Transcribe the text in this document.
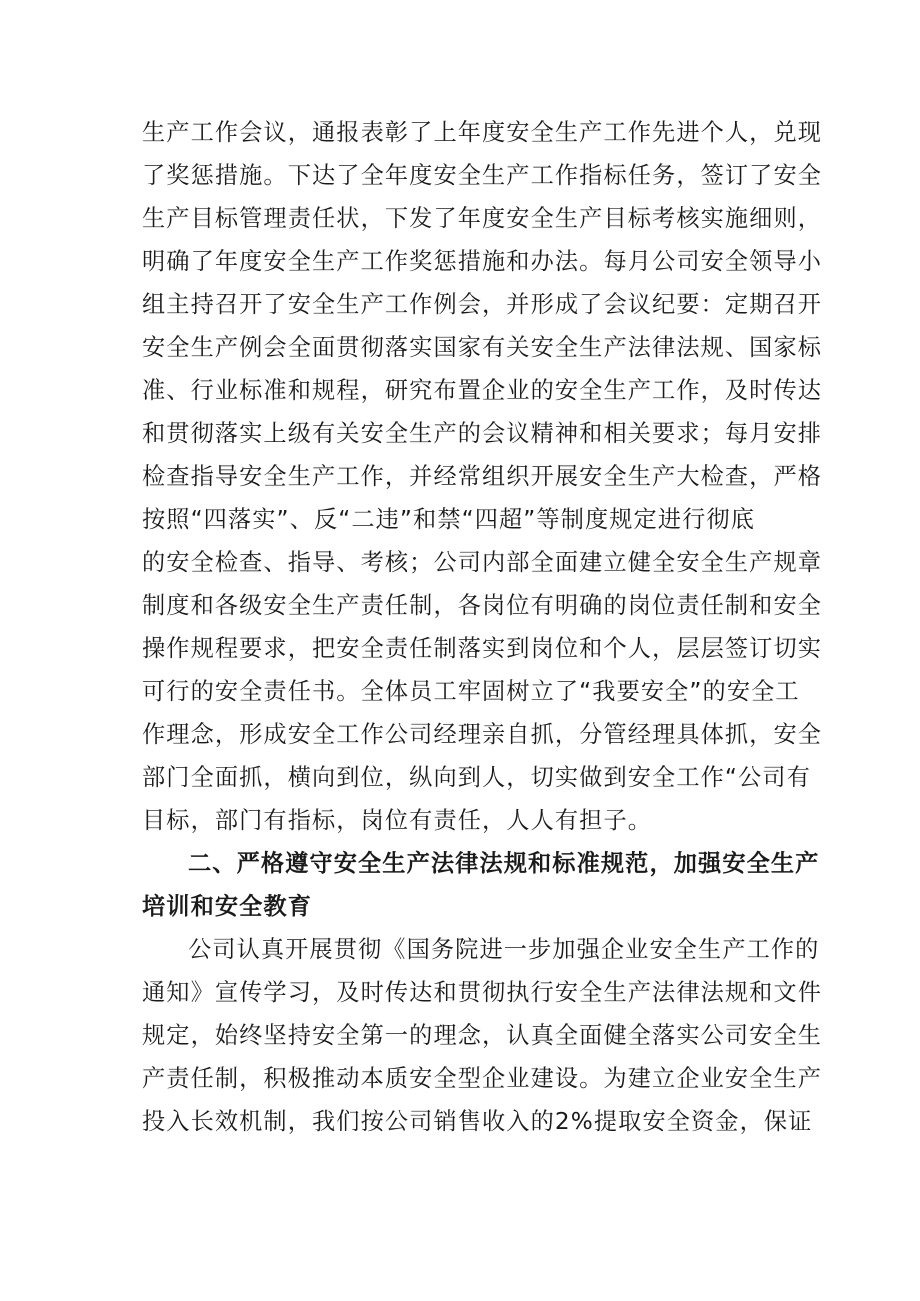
生产工作会议，通报表彰了上年度安全生产工作先进个人，兑现
了奖惩措施。下达了全年度安全生产工作指标任务，签订了安全
生产目标管理责任状，下发了年度安全生产目标考核实施细则，
明确了年度安全生产工作奖惩措施和办法。每月公司安全领导小
组主持召开了安全生产工作例会，并形成了会议纪要：定期召开
安全生产例会全面贯彻落实国家有关安全生产法律法规、国家标
准、行业标准和规程，研究布置企业的安全生产工作，及时传达
和贯彻落实上级有关安全生产的会议精神和相关要求；每月安排
检查指导安全生产工作，并经常组织开展安全生产大检查，严格
按照“四落实”、反“二违”和禁“四超”等制度规定进行彻底
的安全检查、指导、考核；公司内部全面建立健全安全生产规章
制度和各级安全生产责任制，各岗位有明确的岗位责任制和安全
操作规程要求，把安全责任制落实到岗位和个人，层层签订切实
可行的安全责任书。全体员工牢固树立了“我要安全”的安全工
作理念，形成安全工作公司经理亲自抓，分管经理具体抓，安全
部门全面抓，横向到位，纵向到人，切实做到安全工作“公司有
目标，部门有指标，岗位有责任，人人有担子。
二、严格遵守安全生产法律法规和标准规范，加强安全生产
培训和安全教育
公司认真开展贯彻《国务院进一步加强企业安全生产工作的
通知》宣传学习，及时传达和贯彻执行安全生产法律法规和文件
规定，始终坚持安全第一的理念，认真全面健全落实公司安全生
产责任制，积极推动本质安全型企业建设。为建立企业安全生产
投入长效机制，我们按公司销售收入的2%提取安全资金，保证
